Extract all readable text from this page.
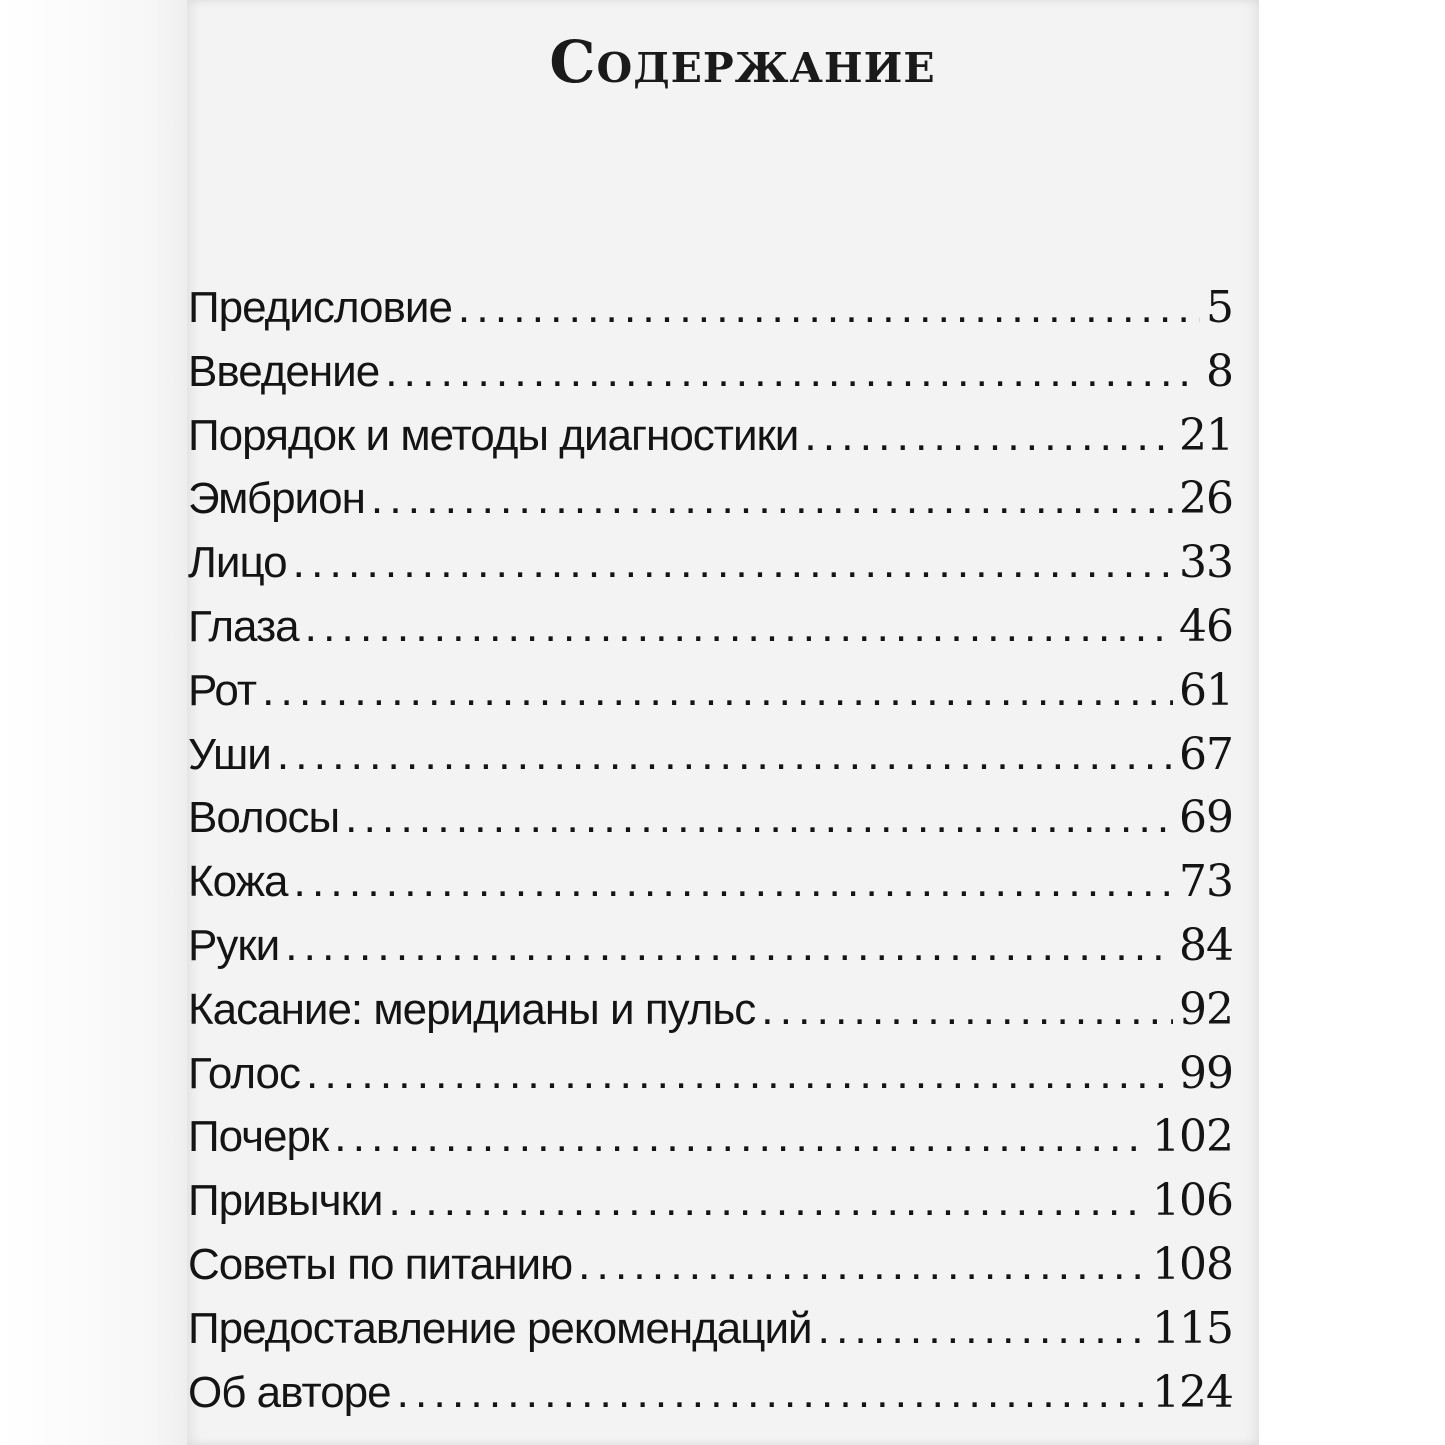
Содержание
Предисловие . . .	5
Введение . . .	8
Порядок и методы диагностики . . .	21
Эмбрион . . .	26
Лицо . . .	33
Глаза . . .	46
Рот . . .	61
Уши . . .	67
Волосы . . .	69
Кожа . . .	73
Руки . . .	84
Касание: меридианы и пульс . . .	92
Голос . . .	99
Почерк . . .	102
Привычки . . .	106
Советы по питанию . . .	108
Предоставление рекомендаций . . .	115
Об авторе . . .	124
